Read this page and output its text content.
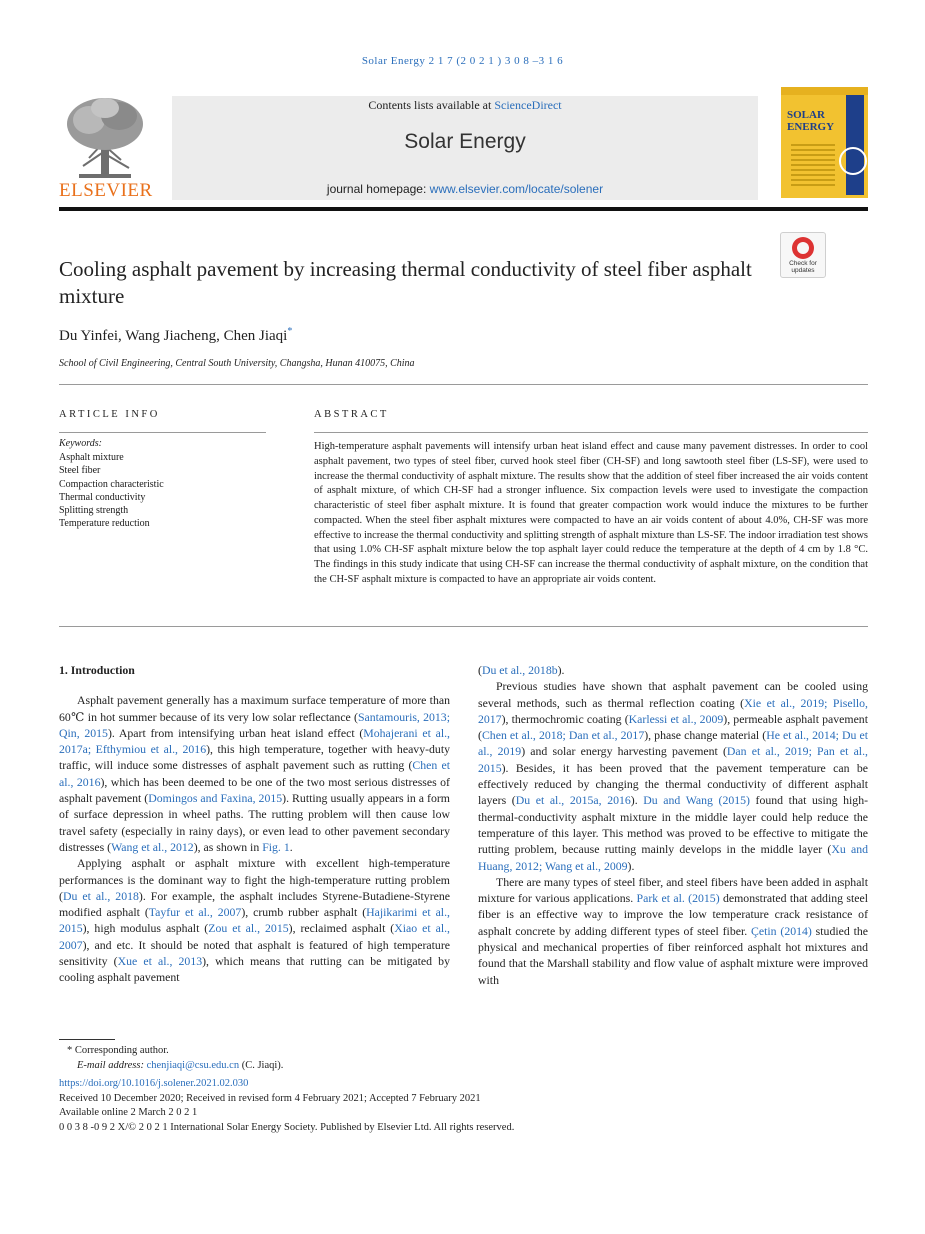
Solar Energy 2 1 7 (2 0 2 1 ) 3 0 8 –3 1 6
ELSEVIER
Contents lists available at ScienceDirect
Solar Energy
journal homepage: www.elsevier.com/locate/solener
SOLAR ENERGY
Check for updates
Cooling asphalt pavement by increasing thermal conductivity of steel fiber asphalt mixture
Du Yinfei, Wang Jiacheng, Chen Jiaqi*
School of Civil Engineering, Central South University, Changsha, Hunan 410075, China
ARTICLE INFO
Keywords:
Asphalt mixture
Steel fiber
Compaction characteristic
Thermal conductivity
Splitting strength
Temperature reduction
ABSTRACT
High-temperature asphalt pavements will intensify urban heat island effect and cause many pavement distresses. In order to cool asphalt pavement, two types of steel fiber, curved hook steel fiber (CH-SF) and long sawtooth steel fiber (LS-SF), were used to increase the thermal conductivity of asphalt mixture. The results show that the addition of steel fiber increased the air voids content of asphalt mixture, of which CH-SF had a stronger influence. Six compaction levels were used to investigate the compaction characteristic of steel fiber asphalt mixture. It is found that greater compaction work would induce the mixtures to be further compacted. When the steel fiber asphalt mixtures were compacted to have an air voids content of about 4.0%, CH-SF was more effective to increase the thermal conductivity and splitting strength of asphalt mixture than LS-SF. The indoor irradiation test shows that using 1.0% CH-SF asphalt mixture below the top asphalt layer could reduce the temperature at the depth of 4 cm by 1.8 °C. The findings in this study indicate that using CH-SF can increase the thermal conductivity of asphalt mixture, on the condition that the CH-SF asphalt mixture is compacted to have an appropriate air voids content.
1. Introduction

Asphalt pavement generally has a maximum surface temperature of more than 60℃ in hot summer because of its very low solar reflectance (Santamouris, 2013; Qin, 2015). Apart from intensifying urban heat island effect (Mohajerani et al., 2017a; Efthymiou et al., 2016), this high temperature, together with heavy-duty traffic, will induce some distresses of asphalt pavement such as rutting (Chen et al., 2016), which has been deemed to be one of the two most serious distresses of asphalt pavement (Domingos and Faxina, 2015). Rutting usually appears in a form of surface depression in wheel paths. The rutting problem will then cause low travel safety (especially in rainy days), or even lead to other pavement secondary distresses (Wang et al., 2012), as shown in Fig. 1.

Applying asphalt or asphalt mixture with excellent high-temperature performances is the dominant way to fight the high-temperature rutting problem (Du et al., 2018). For example, the asphalt includes Styrene-Butadiene-Styrene modified asphalt (Tayfur et al., 2007), crumb rubber asphalt (Hajikarimi et al., 2015), high modulus asphalt (Zou et al., 2015), reclaimed asphalt (Xiao et al., 2007), and etc. It should be noted that asphalt is featured of high temperature sensitivity (Xue et al., 2013), which means that rutting can be mitigated by cooling asphalt pavement

(Du et al., 2018b).

Previous studies have shown that asphalt pavement can be cooled using several methods, such as thermal reflection coating (Xie et al., 2019; Pisello, 2017), thermochromic coating (Karlessi et al., 2009), permeable asphalt pavement (Chen et al., 2018; Dan et al., 2017), phase change material (He et al., 2014; Du et al., 2019) and solar energy harvesting pavement (Dan et al., 2019; Pan et al., 2015). Besides, it has been proved that the pavement temperature can be effectively reduced by changing the thermal conductivity of different asphalt layers (Du et al., 2015a, 2016). Du and Wang (2015) found that using high-thermal-conductivity asphalt mixture in the middle layer could help reduce the temperature of this layer. This method was proved to be effective to mitigate the rutting problem, because rutting mainly develops in the middle layer (Xu and Huang, 2012; Wang et al., 2009).

There are many types of steel fiber, and steel fibers have been added in asphalt mixture for various applications. Park et al. (2015) demonstrated that adding steel fiber is an effective way to improve the low temperature crack resistance of asphalt concrete by adding different types of steel fiber. Çetin (2014) studied the physical and mechanical properties of fiber reinforced asphalt hot mixtures and found that the Marshall stability and flow value of asphalt mixture were improved with

* Corresponding author.
E-mail address: chenjiaqi@csu.edu.cn (C. Jiaqi).
https://doi.org/10.1016/j.solener.2021.02.030
Received 10 December 2020; Received in revised form 4 February 2021; Accepted 7 February 2021
Available online 2 March 2 0 2 1
0 0 3 8 -0 9 2 X/© 2 0 2 1 International Solar Energy Society. Published by Elsevier Ltd. All rights reserved.
